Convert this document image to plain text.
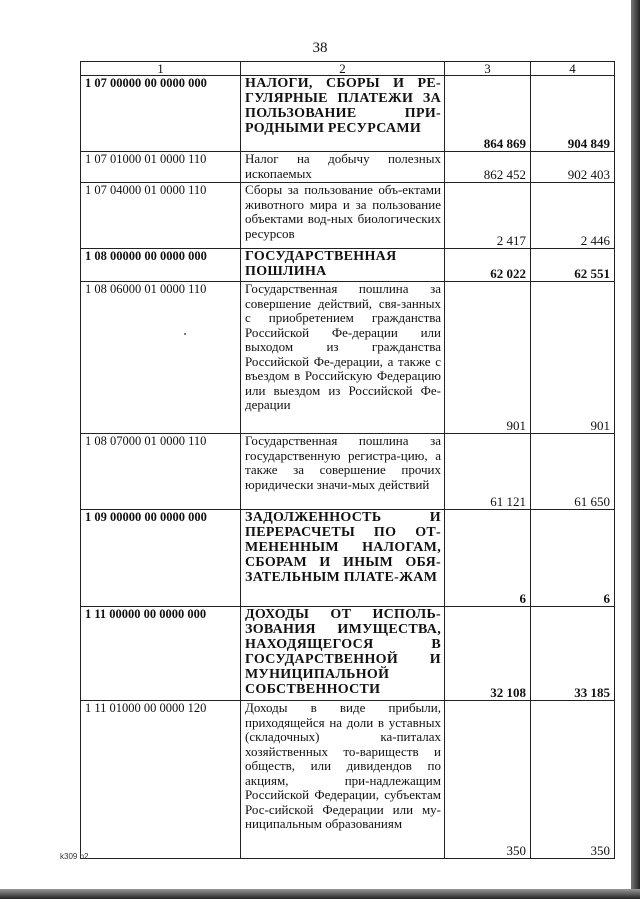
38
1	2	3	4
1 07 00000 00 0000 000	НАЛОГИ, СБОРЫ И РЕ-ГУЛЯРНЫЕ ПЛАТЕЖИ ЗА ПОЛЬЗОВАНИЕ ПРИ-РОДНЫМИ РЕСУРСАМИ	864 869	904 849
1 07 01000 01 0000 110	Налог на добычу полезных ископаемых	862 452	902 403
1 07 04000 01 0000 110	Сборы за пользование объ-ектами животного мира и за пользование объектами вод-ных биологических ресурсов	2 417	2 446
1 08 00000 00 0000 000	ГОСУДАРСТВЕННАЯ ПОШЛИНА	62 022	62 551
1 08 06000 01 0000 110	Государственная пошлина за совершение действий, свя-занных с приобретением гражданства Российской Фе-дерации или выходом из гражданства Российской Фе-дерации, а также с въездом в Российскую Федерацию или выездом из Российской Фе-дерации	901	901
1 08 07000 01 0000 110	Государственная пошлина за государственную регистра-цию, а также за совершение прочих юридически значи-мых действий	61 121	61 650
1 09 00000 00 0000 000	ЗАДОЛЖЕННОСТЬ И ПЕРЕРАСЧЕТЫ ПО ОТ-МЕНЕННЫМ НАЛОГАМ, СБОРАМ И ИНЫМ ОБЯ-ЗАТЕЛЬНЫМ ПЛАТЕ-ЖАМ	6	6
1 11 00000 00 0000 000	ДОХОДЫ ОТ ИСПОЛЬ-ЗОВАНИЯ ИМУЩЕСТВА, НАХОДЯЩЕГОСЯ В ГОСУДАРСТВЕННОЙ И МУНИЦИПАЛЬНОЙ СОБСТВЕННОСТИ	32 108	33 185
1 11 01000 00 0000 120	Доходы в виде прибыли, приходящейся на доли в уставных (складочных) ка-питалах хозяйственных то-вариществ и обществ, или дивидендов по акциям, при-надлежащим Российской Федерации, субъектам Рос-сийской Федерации или му-ниципальным образованиям	350	350
k309 h2
